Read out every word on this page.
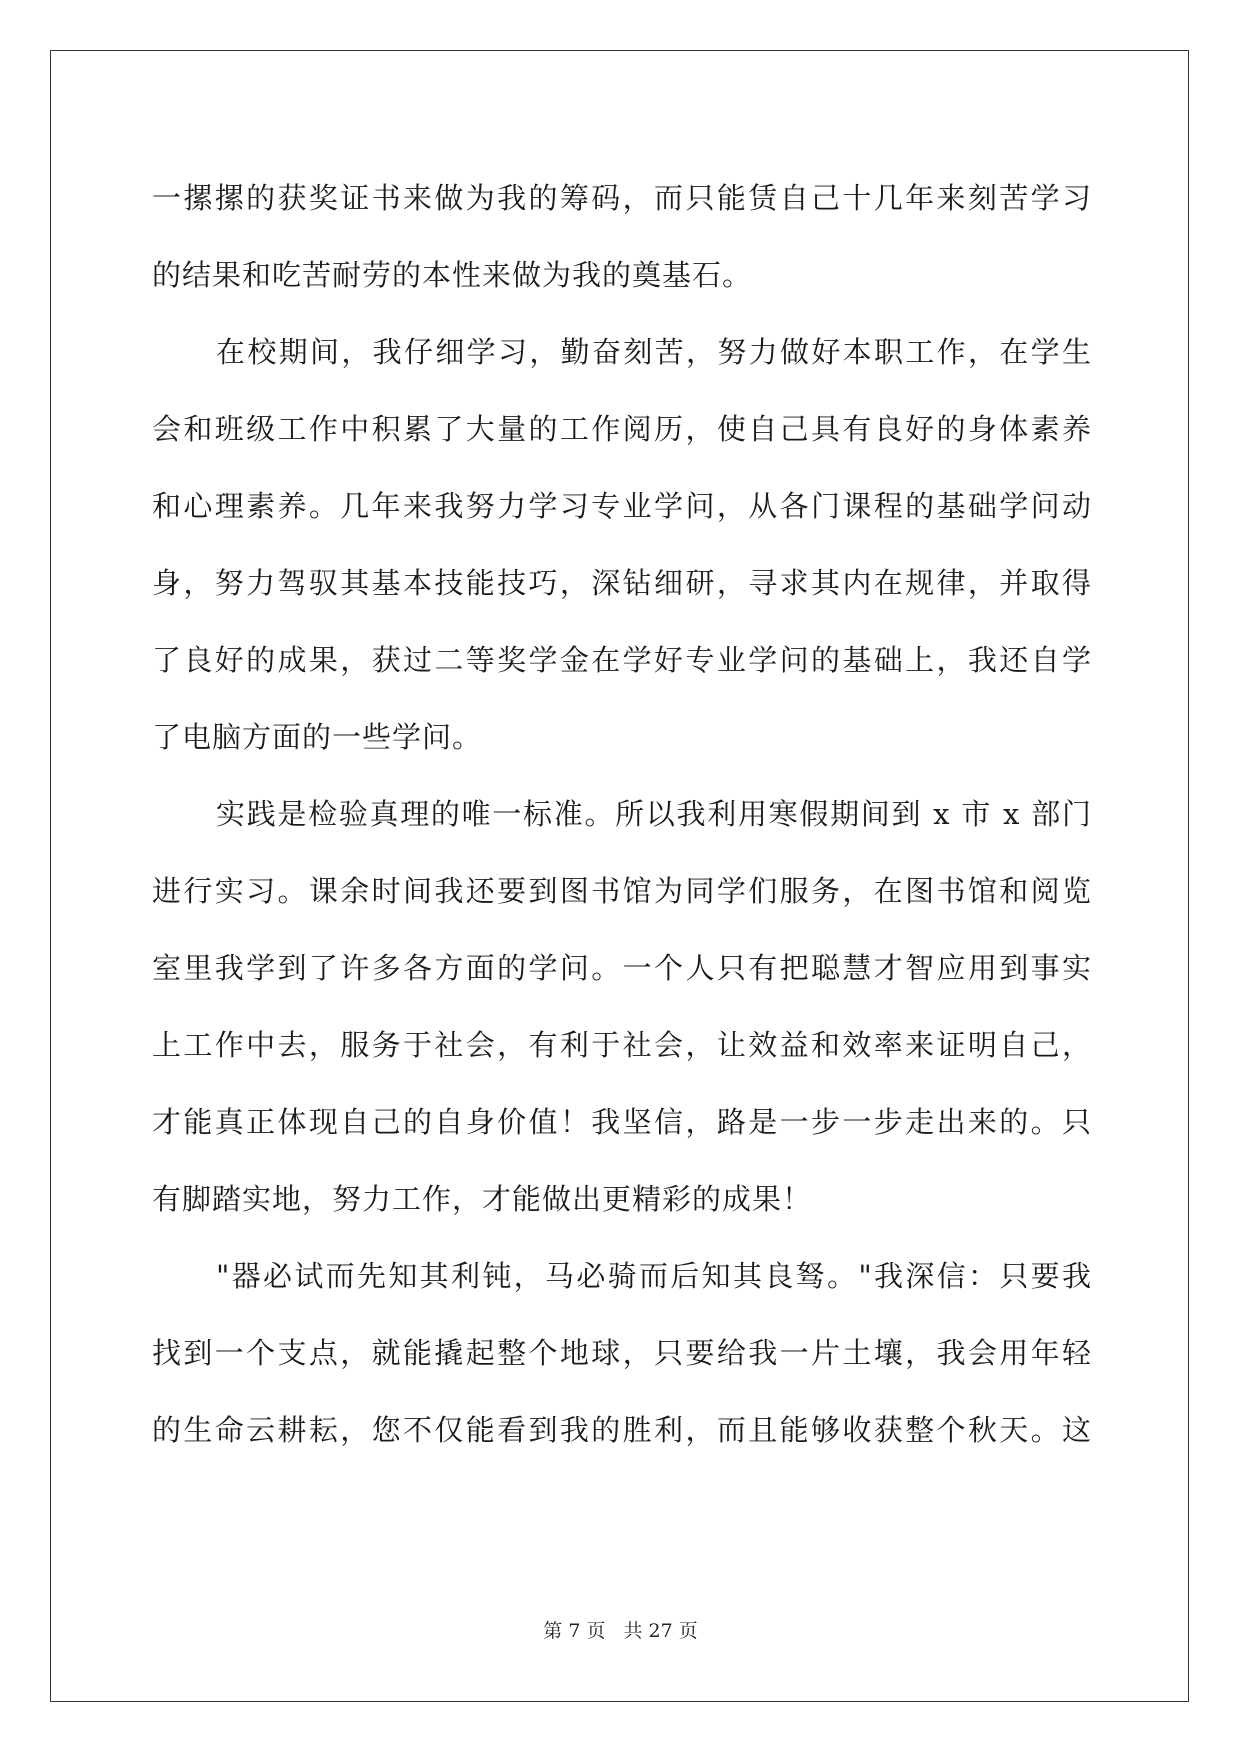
一摞摞的获奖证书来做为我的筹码，而只能赁自己十几年来刻苦学习
的结果和吃苦耐劳的本性来做为我的奠基石。
在校期间，我仔细学习，勤奋刻苦，努力做好本职工作，在学生
会和班级工作中积累了大量的工作阅历，使自己具有良好的身体素养
和心理素养。几年来我努力学习专业学问，从各门课程的基础学问动
身，努力驾驭其基本技能技巧，深钻细研，寻求其内在规律，并取得
了良好的成果，获过二等奖学金在学好专业学问的基础上，我还自学
了电脑方面的一些学问。
实践是检验真理的唯一标准。所以我利用寒假期间到 x 市 x 部门
进行实习。课余时间我还要到图书馆为同学们服务，在图书馆和阅览
室里我学到了许多各方面的学问。一个人只有把聪慧才智应用到事实
上工作中去，服务于社会，有利于社会，让效益和效率来证明自己，
才能真正体现自己的自身价值！我坚信，路是一步一步走出来的。只
有脚踏实地，努力工作，才能做出更精彩的成果！
"器必试而先知其利钝，马必骑而后知其良驽。"我深信：只要我
找到一个支点，就能撬起整个地球，只要给我一片土壤，我会用年轻
的生命云耕耘，您不仅能看到我的胜利，而且能够收获整个秋天。这
第 7 页 共 27 页
